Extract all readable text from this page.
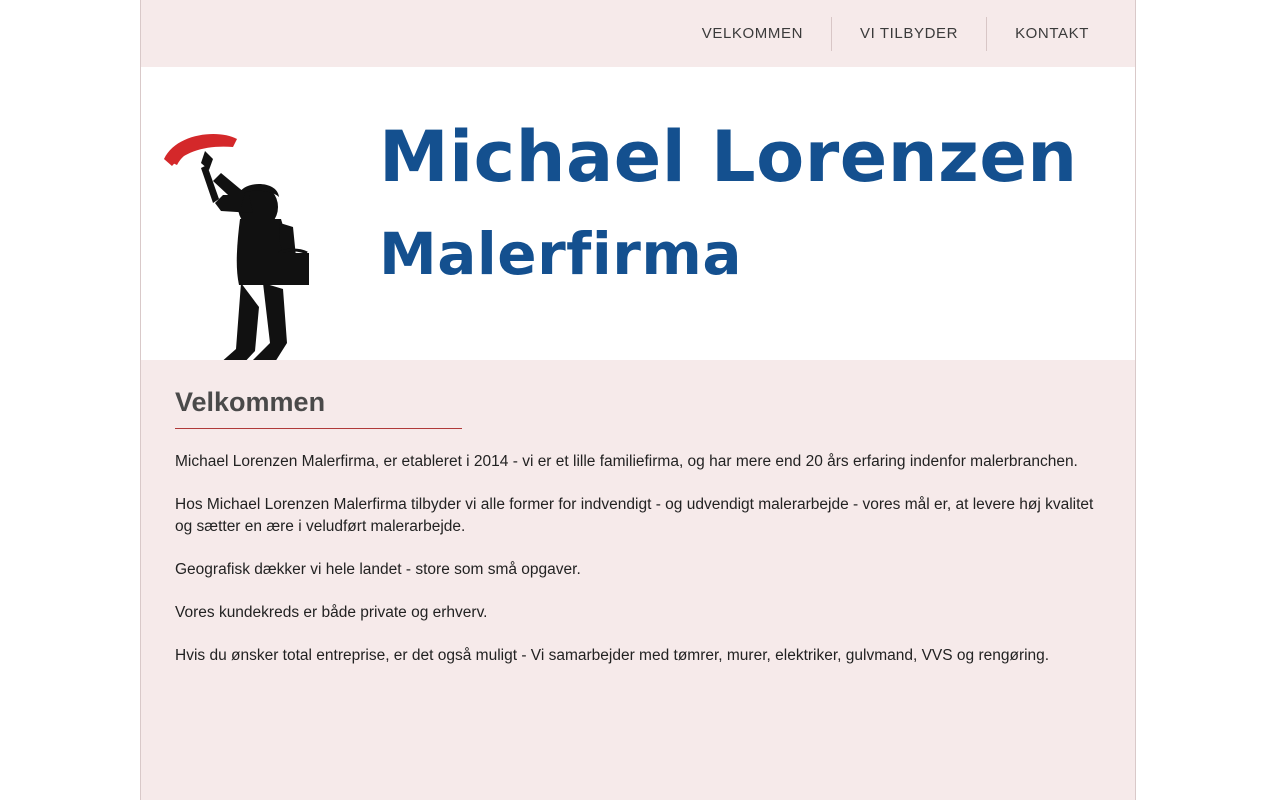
VELKOMMEN	VI TILBYDER	KONTAKT
Michael Lorenzen
Malerfirma
Velkommen

Michael Lorenzen Malerfirma, er etableret i 2014 - vi er et lille familiefirma, og har mere end 20 års erfaring indenfor malerbranchen.

Hos Michael Lorenzen Malerfirma tilbyder vi alle former for indvendigt - og udvendigt malerarbejde - vores mål er, at levere høj kvalitet og sætter en ære i veludført malerarbejde.

Geografisk dækker vi hele landet - store som små opgaver.

Vores kundekreds er både private og erhverv.

Hvis du ønsker total entreprise, er det også muligt - Vi samarbejder med tømrer, murer, elektriker, gulvmand, VVS og rengøring.
